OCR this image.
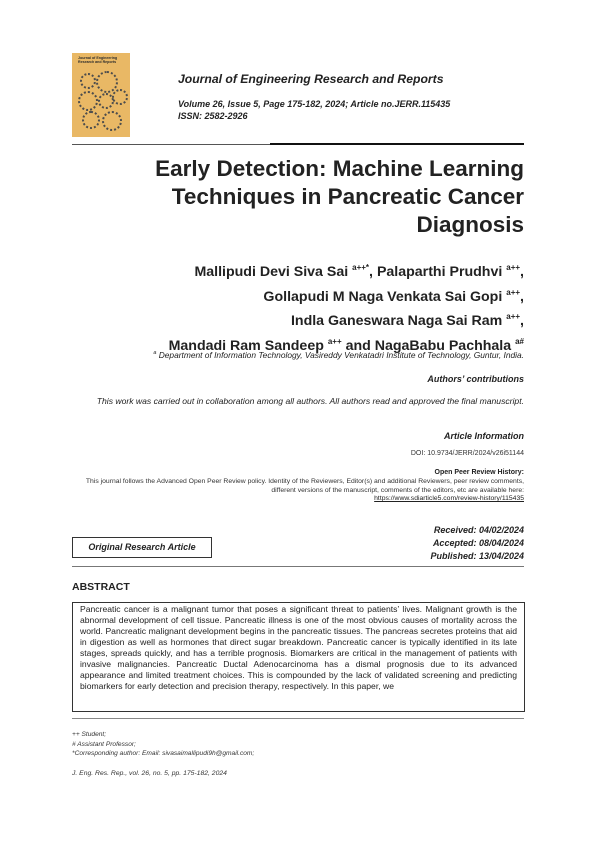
Journal of Engineering Research and Reports
Journal of Engineering Research and Reports
Volume 26, Issue 5, Page 175-182, 2024; Article no.JERR.115435
ISSN: 2582-2926
Early Detection: Machine Learning Techniques in Pancreatic Cancer Diagnosis
Mallipudi Devi Siva Sai $^{a++*}$, Palaparthi Prudhvi $^{a++}$,
Gollapudi M Naga Venkata Sai Gopi $^{a++}$,
Indla Ganeswara Naga Sai Ram $^{a++}$,
Mandadi Ram Sandeep $^{a++}$ and NagaBabu Pachhala $^{a\#}$
$^a$ Department of Information Technology, Vasireddy Venkatadri Institute of Technology, Guntur, India.
Authors’ contributions
This work was carried out in collaboration among all authors. All authors read and approved the final manuscript.
Article Information
DOI: 10.9734/JERR/2024/v26i51144
Open Peer Review History:
This journal follows the Advanced Open Peer Review policy. Identity of the Reviewers, Editor(s) and additional Reviewers, peer review comments, different versions of the manuscript, comments of the editors, etc are available here:
https://www.sdiarticle5.com/review-history/115435
Received: 04/02/2024
Accepted: 08/04/2024
Published: 13/04/2024
Original Research Article
ABSTRACT

Pancreatic cancer is a malignant tumor that poses a significant threat to patients’ lives. Malignant growth is the abnormal development of cell tissue. Pancreatic illness is one of the most obvious causes of mortality across the world. Pancreatic malignant development begins in the pancreatic tissues. The pancreas secretes proteins that aid in digestion as well as hormones that direct sugar breakdown. Pancreatic cancer is typically identified in its late stages, spreads quickly, and has a terrible prognosis. Biomarkers are critical in the management of patients with invasive malignancies. Pancreatic Ductal Adenocarcinoma has a dismal prognosis due to its advanced appearance and limited treatment choices. This is compounded by the lack of validated screening and predicting biomarkers for early detection and precision therapy, respectively. In this paper, we

++ Student;
# Assistant Professor;
*Corresponding author: Email: sivasaimallipudi9h@gmail.com;
J. Eng. Res. Rep., vol. 26, no. 5, pp. 175-182, 2024
